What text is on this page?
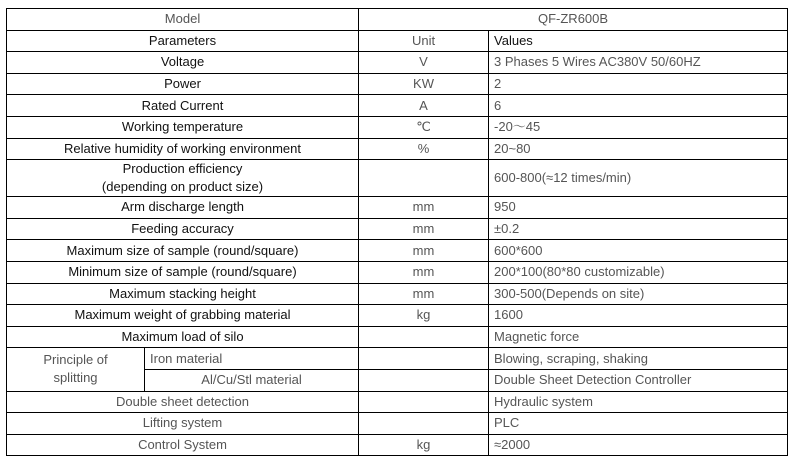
Model		QF-ZR600B	
Parameters		Unit	Values
Voltage		V	3 Phases 5 Wires AC380V 50/60HZ
Power		KW	2
Rated Current		A	6
Working temperature		℃	-20～45
Relative humidity of working environment		%	20~80

Production efficiency
(depending on product size)			600-800(≈12 times/min)
Arm discharge length		mm	950
Feeding accuracy		mm	±0.2
Maximum size of sample (round/square)		mm	600*600
Minimum size of sample (round/square)		mm	200*100(80*80 customizable)
Maximum stacking height		mm	300-500(Depends on site)
Maximum weight of grabbing material		kg	1600
Maximum load of silo			Magnetic force

Principle of
splitting	Iron material		Blowing, scraping, shaking
	Al/Cu/Stl material		Double Sheet Detection Controller
Double sheet detection			Hydraulic system
Lifting system			PLC
Control System		kg	≈2000
